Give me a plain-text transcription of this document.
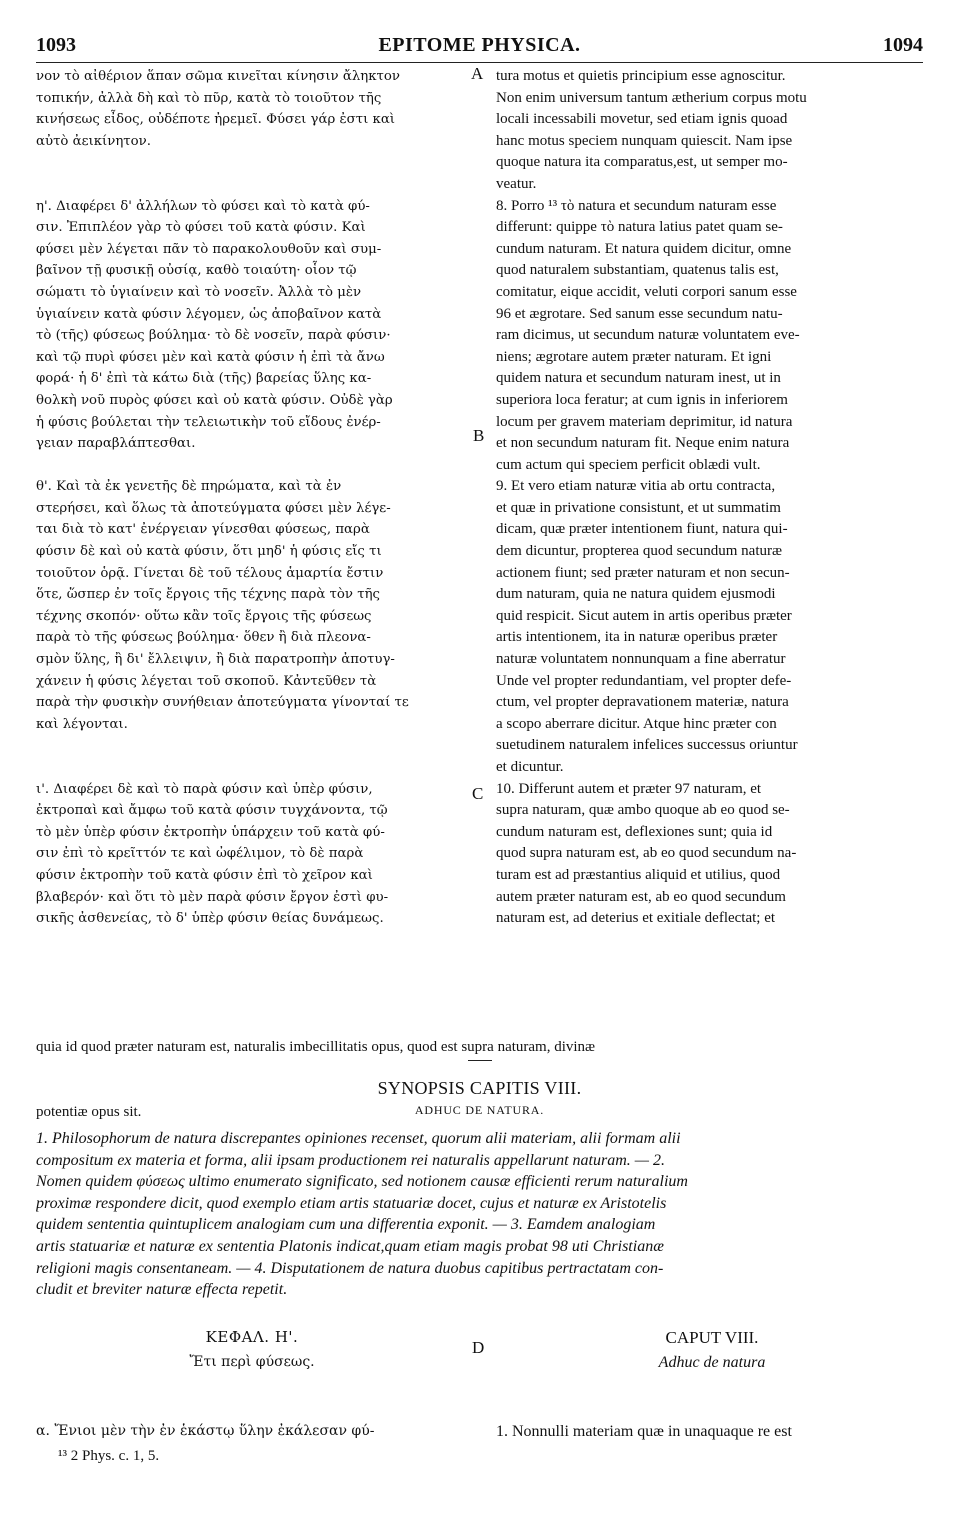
1093	EPITOME PHYSICA.	1094
νον τὸ αἰθέριον ἅπαν σῶμα κινεῖται κίνησιν ἄληκτον
τοπικήν, ἀλλὰ δὴ καὶ τὸ πῦρ, κατὰ τὸ τοιοῦτον τῆς
κινήσεως εἶδος, οὐδέποτε ἠρεμεῖ. Φύσει γάρ ἐστι καὶ
αὐτὸ ἀεικίνητον.
η'. Διαφέρει δ' ἀλλήλων τὸ φύσει καὶ τὸ κατὰ φύ-
σιν. Ἐπιπλέον γὰρ τὸ φύσει τοῦ κατὰ φύσιν. Καὶ
φύσει μὲν λέγεται πᾶν τὸ παρακολουθοῦν καὶ συμ-
βαῖνον τῇ φυσικῇ οὐσίᾳ, καθὸ τοιαύτη· οἷον τῷ
σώματι τὸ ὑγιαίνειν καὶ τὸ νοσεῖν. Ἀλλὰ τὸ μὲν
ὑγιαίνειν κατὰ φύσιν λέγομεν, ὡς ἀποβαῖνον κατὰ
τὸ (τῆς) φύσεως βούλημα· τὸ δὲ νοσεῖν, παρὰ φύσιν·
καὶ τῷ πυρὶ φύσει μὲν καὶ κατὰ φύσιν ἡ ἐπὶ τὰ ἄνω
φορά· ἡ δ' ἐπὶ τὰ κάτω διὰ (τῆς) βαρείας ὕλης κα-
θολκὴ νοῦ πυρὸς φύσει καὶ οὐ κατὰ φύσιν. Οὐδὲ γὰρ
ἡ φύσις βούλεται τὴν τελειωτικὴν τοῦ εἴδους ἐνέρ-
γειαν παραβλάπτεσθαι.
θ'. Καὶ τὰ ἐκ γενετῆς δὲ πηρώματα, καὶ τὰ ἐν
στερήσει, καὶ ὅλως τὰ ἀποτεύγματα φύσει μὲν λέγε-
ται διὰ τὸ κατ' ἐνέργειαν γίνεσθαι φύσεως, παρὰ
φύσιν δὲ καὶ οὐ κατὰ φύσιν, ὅτι μηδ' ἡ φύσις εἴς τι
τοιοῦτον ὁρᾷ. Γίνεται δὲ τοῦ τέλους ἁμαρτία ἔστιν
ὅτε, ὥσπερ ἐν τοῖς ἔργοις τῆς τέχνης παρὰ τὸν τῆς
τέχνης σκοπόν· οὕτω κἂν τοῖς ἔργοις τῆς φύσεως
παρὰ τὸ τῆς φύσεως βούλημα· ὅθεν ἢ διὰ πλεονα-
σμὸν ὕλης, ἢ δι' ἔλλειψιν, ἢ διὰ παρατροπὴν ἀποτυγ-
χάνειν ἡ φύσις λέγεται τοῦ σκοποῦ. Κἀντεῦθεν τὰ
παρὰ τὴν φυσικὴν συνήθειαν ἀποτεύγματα γίνονταί τε
καὶ λέγονται.
ι'. Διαφέρει δὲ καὶ τὸ παρὰ φύσιν καὶ ὑπὲρ φύσιν,
ἐκτροπαὶ καὶ ἄμφω τοῦ κατὰ φύσιν τυγχάνοντα, τῷ
τὸ μὲν ὑπὲρ φύσιν ἐκτροπὴν ὑπάρχειν τοῦ κατὰ φύ-
σιν ἐπὶ τὸ κρεῖττόν τε καὶ ὠφέλιμον, τὸ δὲ παρὰ
φύσιν ἐκτροπὴν τοῦ κατὰ φύσιν ἐπὶ τὸ χεῖρον καὶ
βλαβερόν· καὶ ὅτι τὸ μὲν παρὰ φύσιν ἔργον ἐστὶ φυ-
σικῆς ἀσθενείας, τὸ δ' ὑπὲρ φύσιν θείας δυνάμεως.
tura motus et quietis principium esse agnoscitur.
Non enim universum tantum ætherium corpus motu
locali incessabili movetur, sed etiam ignis quoad
hanc motus speciem nunquam quiescit. Nam ipse
quoque natura ita comparatus,est, ut semper mo-
veatur.
8. Porro ¹³ τὸ natura et secundum naturam esse
differunt: quippe τὸ natura latius patet quam se-
cundum naturam. Et natura quidem dicitur, omne
quod naturalem substantiam, quatenus talis est,
comitatur, eique accidit, veluti corpori sanum esse
96 et ægrotare. Sed sanum esse secundum natu-
ram dicimus, ut secundum naturæ voluntatem eve-
niens; ægrotare autem præter naturam. Et igni
quidem natura et secundum naturam inest, ut in
superiora loca feratur; at cum ignis in inferiorem
locum per gravem materiam deprimitur, id natura
et non secundum naturam fit. Neque enim natura
cum actum qui speciem perficit oblædi vult.
9. Et vero etiam naturæ vitia ab ortu contracta,
et quæ in privatione consistunt, et ut summatim
dicam, quæ præter intentionem fiunt, natura qui-
dem dicuntur, propterea quod secundum naturæ
actionem fiunt; sed præter naturam et non secun-
dum naturam, quia ne natura quidem ejusmodi
quid respicit. Sicut autem in artis operibus præter
artis intentionem, ita in naturæ operibus præter
naturæ voluntatem nonnunquam a fine aberratur
Unde vel propter redundantiam, vel propter defe-
ctum, vel propter depravationem materiæ, natura
a scopo aberrare dicitur. Atque hinc præter con
suetudinem naturalem infelices successus oriuntur
et dicuntur.
10. Differunt autem et præter 97 naturam, et
supra naturam, quæ ambo quoque ab eo quod se-
cundum naturam est, deflexiones sunt; quia id
quod supra naturam est, ab eo quod secundum na-
turam est ad præstantius aliquid et utilius, quod
autem præter naturam est, ab eo quod secundum
naturam est, ad deterius et exitiale deflectat; et
A
B
C
D

quia id quod præter naturam est, naturalis imbecillitatis opus, quod est supra naturam, divinæ

potentiæ opus sit.

SYNOPSIS CAPITIS VIII.
ADHUC DE NATURA.
1. Philosophorum de natura discrepantes opiniones recenset, quorum alii materiam, alii formam alii
compositum ex materia et forma, alii ipsam productionem rei naturalis appellarunt naturam. — 2.
Nomen quidem φύσεως ultimo enumerato significato, sed notionem causæ efficienti rerum naturalium
proximæ respondere dicit, quod exemplo etiam artis statuariæ docet, cujus et naturæ ex Aristotelis
quidem sententia quintuplicem analogiam cum una differentia exponit. — 3. Eamdem analogiam
artis statuariæ et naturæ ex sententia Platonis indicat,quam etiam magis probat 98 uti Christianæ
religioni magis consentaneam. — 4. Disputationem de natura duobus capitibus pertractatam con-
cludit et breviter naturæ effecta repetit.
ΚΕΦΑΛ. Η'.
Ἔτι περὶ φύσεως.

α. Ἔνιοι μὲν τὴν ἐν ἑκάστῳ ὕλην ἐκάλεσαν φύ-

CAPUT VIII.
Adhuc de natura

1. Nonnulli materiam quæ in unaquaque re est

¹³ 2 Phys. c. 1, 5.
